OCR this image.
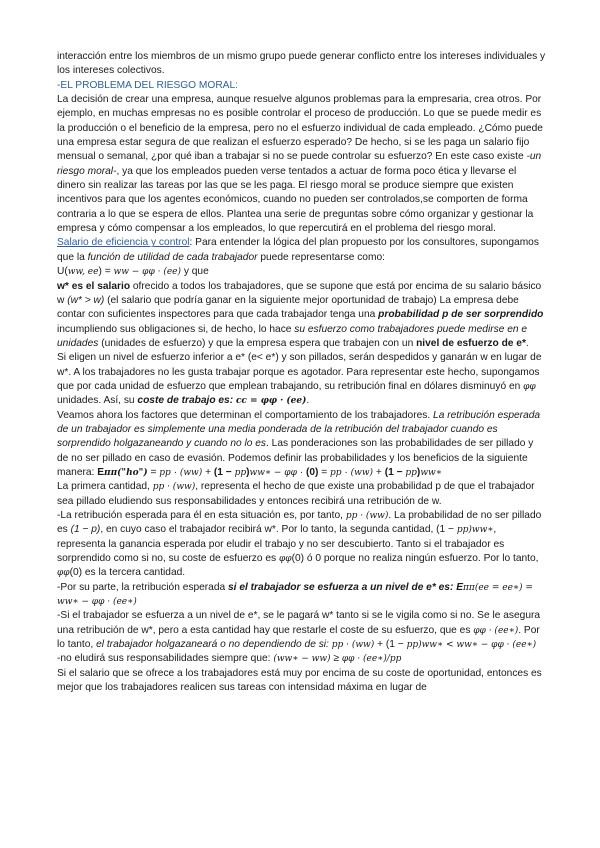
interacción entre los miembros de un mismo grupo puede generar conflicto entre los intereses individuales y los intereses colectivos.

-EL PROBLEMA DEL RIESGO MORAL:

La decisión de crear una empresa, aunque resuelve algunos problemas para la empresaria, crea otros. Por ejemplo, en muchas empresas no es posible controlar el proceso de producción. Lo que se puede medir es la producción o el beneficio de la empresa, pero no el esfuerzo individual de cada empleado. ¿Cómo puede una empresa estar segura de que realizan el esfuerzo esperado? De hecho, si se les paga un salario fijo mensual o semanal, ¿por qué iban a trabajar si no se puede controlar su esfuerzo? En este caso existe -un riesgo moral-, ya que los empleados pueden verse tentados a actuar de forma poco ética y llevarse el dinero sin realizar las tareas por las que se les paga. El riesgo moral se produce siempre que existen incentivos para que los agentes económicos, cuando no pueden ser controlados,se comporten de forma contraria a lo que se espera de ellos. Plantea una serie de preguntas sobre cómo organizar y gestionar la empresa y cómo compensar a los empleados, lo que repercutirá en el problema del riesgo moral.

Salario de eficiencia y control: Para entender la lógica del plan propuesto por los consultores, supongamos que la función de utilidad de cada trabajador puede representarse como:

U(ww, ee) = ww − φφ · (ee) y que

w* es el salario ofrecido a todos los trabajadores, que se supone que está por encima de su salario básico w (w* > w) (el salario que podría ganar en la siguiente mejor oportunidad de trabajo) La empresa debe contar con suficientes inspectores para que cada trabajador tenga una probabilidad p de ser sorprendido incumpliendo sus obligaciones si, de hecho, lo hace su esfuerzo como trabajadores puede medirse en e unidades (unidades de esfuerzo) y que la empresa espera que trabajen con un nivel de esfuerzo de e*.

Si eligen un nivel de esfuerzo inferior a e* (e< e*) y son pillados, serán despedidos y ganarán w en lugar de w*. A los trabajadores no les gusta trabajar porque es agotador. Para representar este hecho, supongamos que por cada unidad de esfuerzo que emplean trabajando, su retribución final en dólares disminuyó en φφ unidades. Así, su coste de trabajo es: cc = φφ · (ee).

Veamos ahora los factores que determinan el comportamiento de los trabajadores. La retribución esperada de un trabajador es simplemente una media ponderada de la retribución del trabajador cuando es sorprendido holgazaneando y cuando no lo es. Las ponderaciones son las probabilidades de ser pillado y de no ser pillado en caso de evasión. Podemos definir las probabilidades y los beneficios de la siguiente manera: Eππ("ho") = pp · (ww) + (1 − pp)ww∗ − φφ · (0) = pp · (ww) + (1 − pp)ww∗

La primera cantidad, pp · (ww), representa el hecho de que existe una probabilidad p de que el trabajador sea pillado eludiendo sus responsabilidades y entonces recibirá una retribución de w.

-La retribución esperada para él en esta situación es, por tanto, pp · (ww). La probabilidad de no ser pillado es (1 − p), en cuyo caso el trabajador recibirá w*. Por lo tanto, la segunda cantidad, (1 − pp)ww∗, representa la ganancia esperada por eludir el trabajo y no ser descubierto. Tanto si el trabajador es sorprendido como si no, su coste de esfuerzo es φφ(0) ó 0 porque no realiza ningún esfuerzo. Por lo tanto, φφ(0) es la tercera cantidad.

-Por su parte, la retribución esperada si el trabajador se esfuerza a un nivel de e* es: Eππ(ee = ee∗) = ww∗ − φφ · (ee∗)

-Si el trabajador se esfuerza a un nivel de e*, se le pagará w* tanto si se le vigila como si no. Se le asegura una retribución de w*, pero a esta cantidad hay que restarle el coste de su esfuerzo, que es φφ · (ee∗). Por lo tanto, el trabajador holgazaneará o no dependiendo de si: pp · (ww) + (1 − pp)ww∗ < ww∗ − φφ · (ee∗)

-no eludirá sus responsabilidades siempre que: (ww∗ − ww) ≥ φφ · (ee∗)/pp

Si el salario que se ofrece a los trabajadores está muy por encima de su coste de oportunidad, entonces es mejor que los trabajadores realicen sus tareas con intensidad máxima en lugar de
